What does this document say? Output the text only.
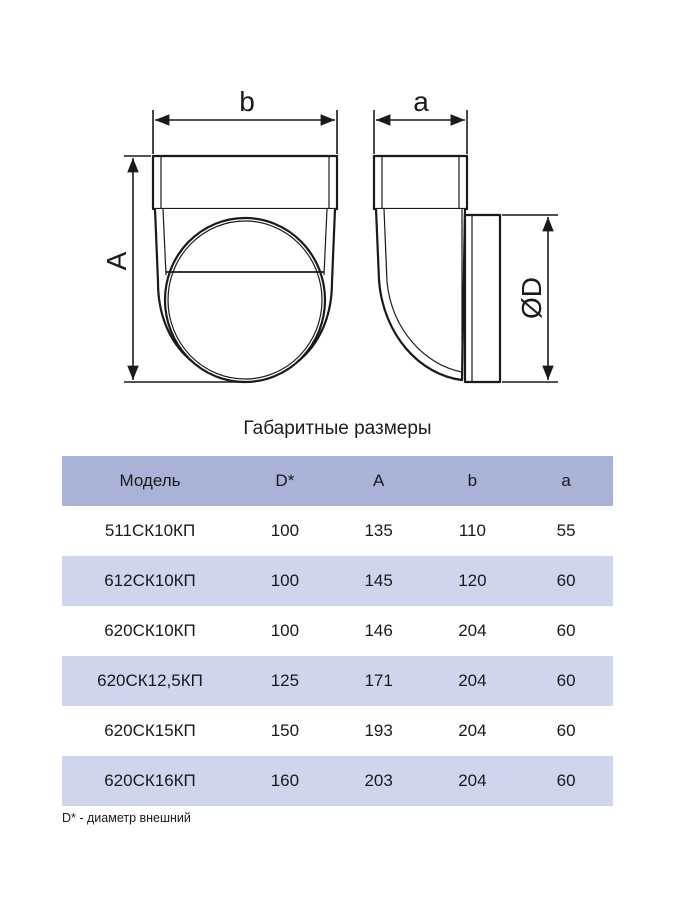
b
A
a
ØD
Габаритные размеры
Модель	D*	A	b	a
511СК10КП	100	135	110	55
612СК10КП	100	145	120	60
620СК10КП	100	146	204	60
620СК12,5КП	125	171	204	60
620СК15КП	150	193	204	60
620СК16КП	160	203	204	60
D* - диаметр внешний
